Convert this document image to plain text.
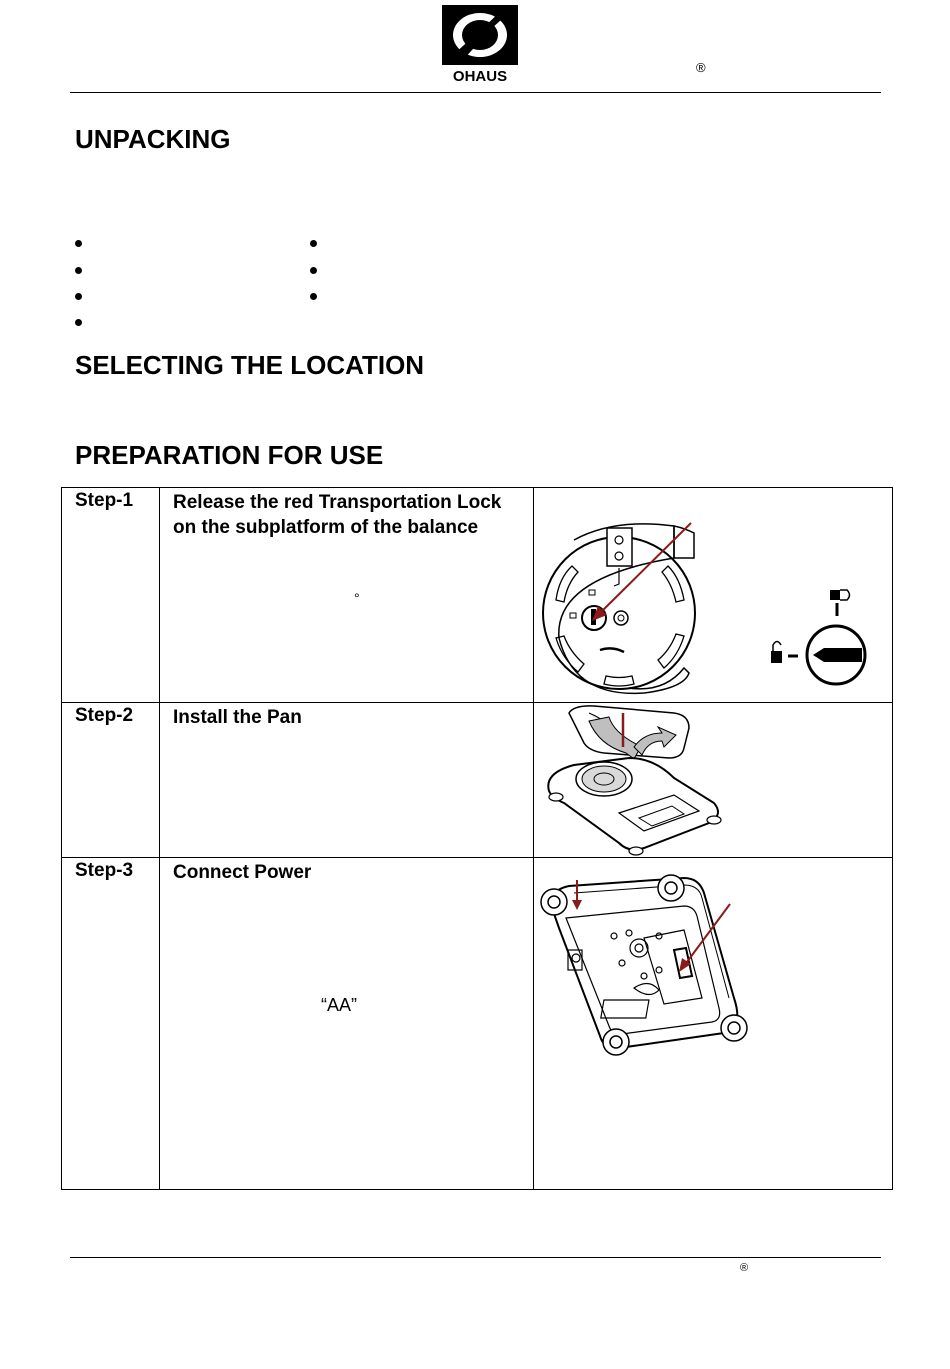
OHAUS
®
UNPACKING
SELECTING THE LOCATION
PREPARATION FOR USE
Step-1	Release the red Transportation Lock on the subplatform of the balance
°

Step-2	Install the Pan

Step-3	Connect Power
“AA”

®
